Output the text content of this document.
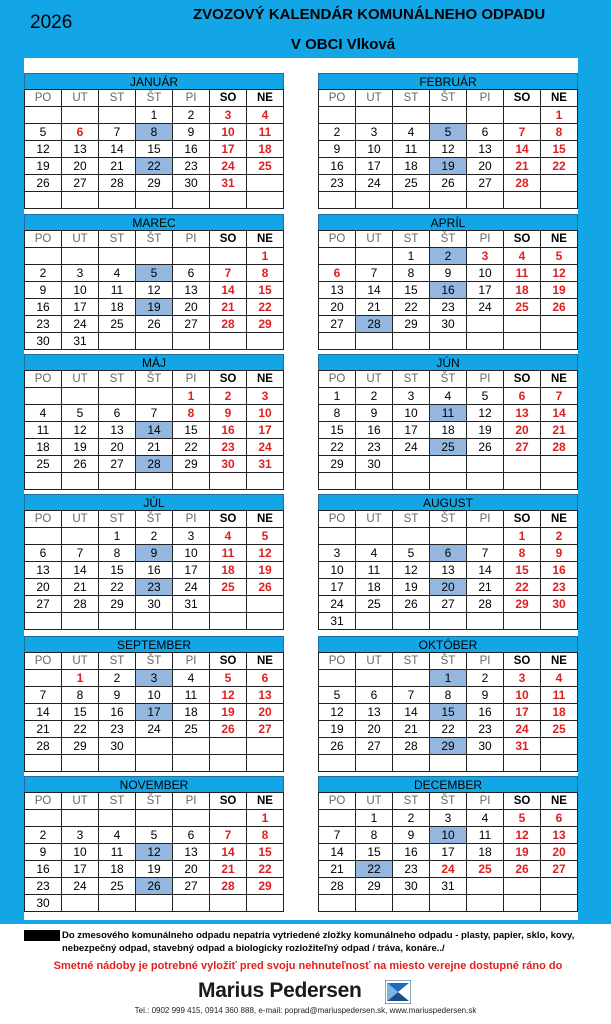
2026	ZVOZOVÝ KALENDÁR KOMUNÁLNEHO ODPADU
V OBCI Vlková
JANUÁR
PO	UT	ST	ŠT	PI	SO	NE
			1	2	3	4
5	6	7	8	9	10	11
12	13	14	15	16	17	18
19	20	21	22	23	24	25
26	27	28	29	30	31	

FEBRUÁR
PO	UT	ST	ŠT	PI	SO	NE
						1
2	3	4	5	6	7	8
9	10	11	12	13	14	15
16	17	18	19	20	21	22
23	24	25	26	27	28	

MAREC
PO	UT	ST	ŠT	PI	SO	NE
						1
2	3	4	5	6	7	8
9	10	11	12	13	14	15
16	17	18	19	20	21	22
23	24	25	26	27	28	29
30	31					
APRÍL
PO	UT	ST	ŠT	PI	SO	NE
		1	2	3	4	5
6	7	8	9	10	11	12
13	14	15	16	17	18	19
20	21	22	23	24	25	26
27	28	29	30			

MÁJ
PO	UT	ST	ŠT	PI	SO	NE
				1	2	3
4	5	6	7	8	9	10
11	12	13	14	15	16	17
18	19	20	21	22	23	24
25	26	27	28	29	30	31

JÚN
PO	UT	ST	ŠT	PI	SO	NE
1	2	3	4	5	6	7
8	9	10	11	12	13	14
15	16	17	18	19	20	21
22	23	24	25	26	27	28
29	30					

JÚL
PO	UT	ST	ŠT	PI	SO	NE
		1	2	3	4	5
6	7	8	9	10	11	12
13	14	15	16	17	18	19
20	21	22	23	24	25	26
27	28	29	30	31		

AUGUST
PO	UT	ST	ŠT	PI	SO	NE
					1	2
3	4	5	6	7	8	9
10	11	12	13	14	15	16
17	18	19	20	21	22	23
24	25	26	27	28	29	30
31						
SEPTEMBER
PO	UT	ST	ŠT	PI	SO	NE
	1	2	3	4	5	6
7	8	9	10	11	12	13
14	15	16	17	18	19	20
21	22	23	24	25	26	27
28	29	30				

OKTÓBER
PO	UT	ST	ŠT	PI	SO	NE
			1	2	3	4
5	6	7	8	9	10	11
12	13	14	15	16	17	18
19	20	21	22	23	24	25
26	27	28	29	30	31	

NOVEMBER
PO	UT	ST	ŠT	PI	SO	NE
						1
2	3	4	5	6	7	8
9	10	11	12	13	14	15
16	17	18	19	20	21	22
23	24	25	26	27	28	29
30						
DECEMBER
PO	UT	ST	ŠT	PI	SO	NE
	1	2	3	4	5	6
7	8	9	10	11	12	13
14	15	16	17	18	19	20
21	22	23	24	25	26	27
28	29	30	31			

Do zmesového komunálneho odpadu nepatria vytriedené zložky komunálneho odpadu - plasty, papier, sklo, kovy, nebezpečný odpad, stavebný odpad a biologicky rozložiteľný odpad / tráva, konáre../
Smetné nádoby je potrebné vyložiť pred svoju nehnuteľnosť na miesto verejne dostupné ráno do
Marius Pedersen
Tel.: 0902 999 415, 0914 360 888, e-mail: poprad@mariuspedersen.sk, www.mariuspedersen.sk
